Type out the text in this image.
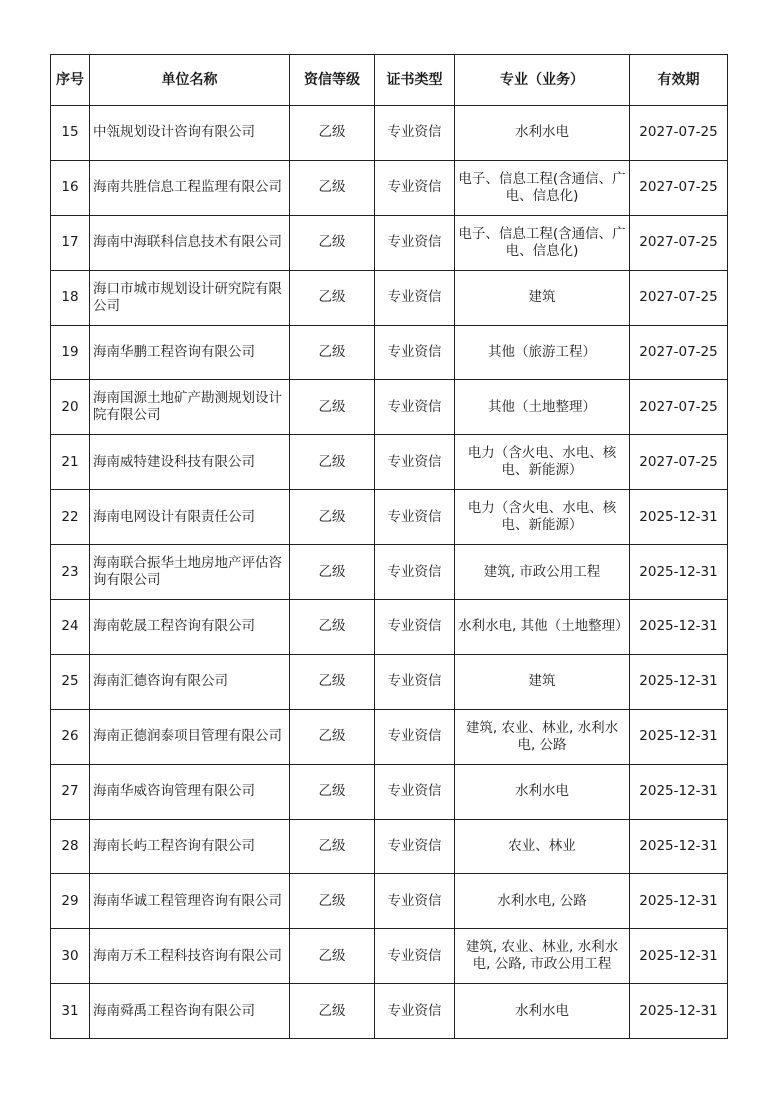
序号	单位名称	资信等级	证书类型	专业（业务）	有效期
15	中瓴规划设计咨询有限公司	乙级	专业资信	水利水电	2027-07-25
16	海南共胜信息工程监理有限公司	乙级	专业资信	电子、信息工程(含通信、广电、信息化)	2027-07-25
17	海南中海联科信息技术有限公司	乙级	专业资信	电子、信息工程(含通信、广电、信息化)	2027-07-25
18	海口市城市规划设计研究院有限公司	乙级	专业资信	建筑	2027-07-25
19	海南华鹏工程咨询有限公司	乙级	专业资信	其他（旅游工程）	2027-07-25
20	海南国源土地矿产勘测规划设计院有限公司	乙级	专业资信	其他（土地整理）	2027-07-25
21	海南威特建设科技有限公司	乙级	专业资信	电力（含火电、水电、核电、新能源）	2027-07-25
22	海南电网设计有限责任公司	乙级	专业资信	电力（含火电、水电、核电、新能源）	2025-12-31
23	海南联合振华土地房地产评估咨询有限公司	乙级	专业资信	建筑, 市政公用工程	2025-12-31
24	海南乾晟工程咨询有限公司	乙级	专业资信	水利水电, 其他（土地整理）	2025-12-31
25	海南汇德咨询有限公司	乙级	专业资信	建筑	2025-12-31
26	海南正德润泰项目管理有限公司	乙级	专业资信	建筑, 农业、林业, 水利水电, 公路	2025-12-31
27	海南华威咨询管理有限公司	乙级	专业资信	水利水电	2025-12-31
28	海南长屿工程咨询有限公司	乙级	专业资信	农业、林业	2025-12-31
29	海南华诚工程管理咨询有限公司	乙级	专业资信	水利水电, 公路	2025-12-31
30	海南万禾工程科技咨询有限公司	乙级	专业资信	建筑, 农业、林业, 水利水电, 公路, 市政公用工程	2025-12-31
31	海南舜禹工程咨询有限公司	乙级	专业资信	水利水电	2025-12-31
